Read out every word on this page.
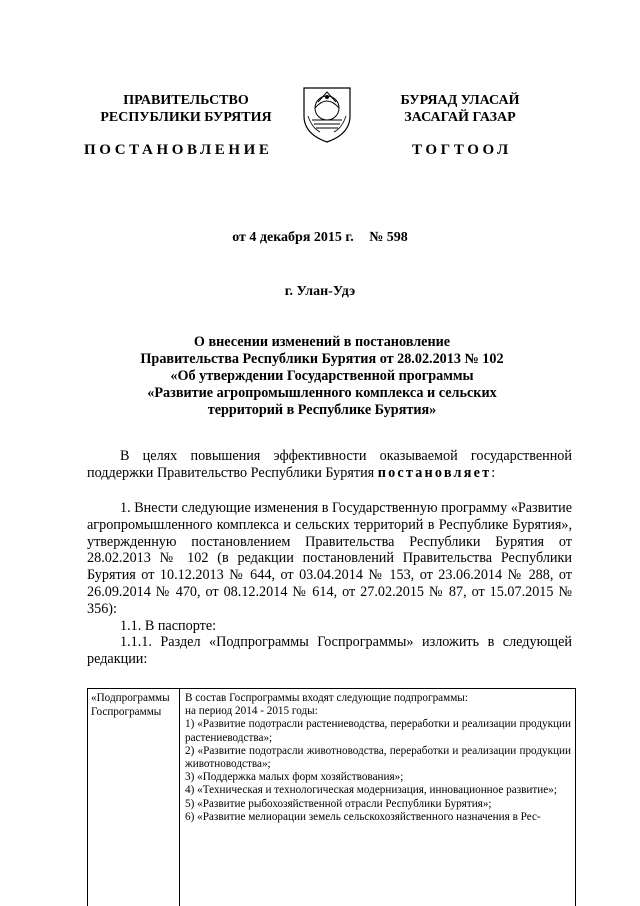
ПРАВИТЕЛЬСТВО
РЕСПУБЛИКИ БУРЯТИЯ
БУРЯАД УЛАСАЙ
ЗАСАГАЙ ГАЗАР
ПОСТАНОВЛЕНИЕ	ТОГТООЛ
от 4 декабря 2015 г. № 598
г. Улан-Удэ
О внесении изменений в постановление
Правительства Республики Бурятия от 28.02.2013 № 102
«Об утверждении Государственной программы
«Развитие агропромышленного комплекса и сельских
территорий в Республике Бурятия»
В целях повышения эффективности оказываемой государственной поддержки Правительство Республики Бурятия постановляет:
1. Внести следующие изменения в Государственную программу «Развитие агропромышленного комплекса и сельских территорий в Республике Бурятия», утвержденную постановлением Правительства Республики Бурятия от 28.02.2013 № 102 (в редакции постановлений Правительства Республики Бурятия от 10.12.2013 № 644, от 03.04.2014 № 153, от 23.06.2014 № 288, от 26.09.2014 № 470, от 08.12.2014 № 614, от 27.02.2015 № 87, от 15.07.2015 № 356):
1.1. В паспорте:
1.1.1. Раздел «Подпрограммы Госпрограммы» изложить в следующей редакции:
«Подпрограммы Госпрограммы
В состав Госпрограммы входят следующие подпрограммы:
на период 2014 - 2015 годы:
1) «Развитие подотрасли растениеводства, переработки и реализации продукции растениеводства»;
2) «Развитие подотрасли животноводства, переработки и реализации продукции животноводства»;
3) «Поддержка малых форм хозяйствования»;
4) «Техническая и технологическая модернизация, инновационное развитие»;
5) «Развитие рыбохозяйственной отрасли Республики Бурятия»;
6) «Развитие мелиорации земель сельскохозяйственного назначения в Рес-
